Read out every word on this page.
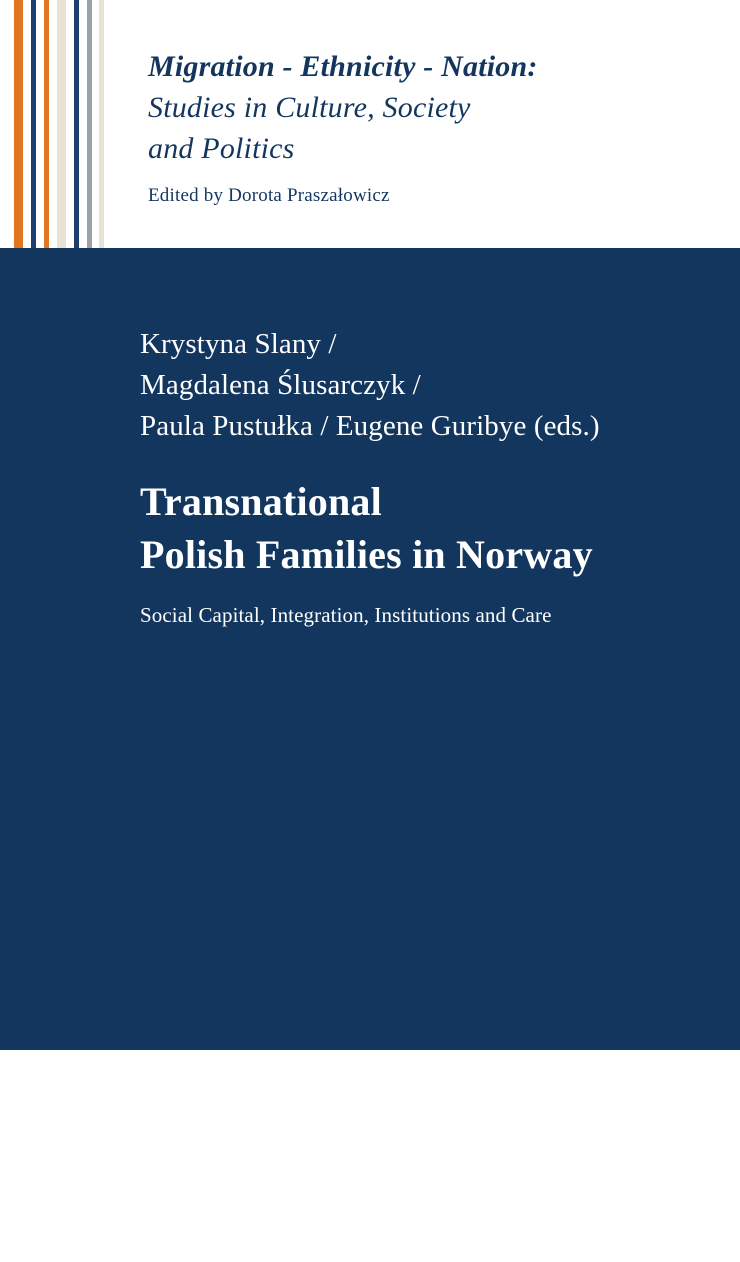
Migration - Ethnicity - Nation:
Studies in Culture, Society
and Politics
Edited by Dorota Praszałowicz
Krystyna Slany /
Magdalena Ślusarczyk /
Paula Pustułka / Eugene Guribye (eds.)
Transnational
Polish Families in Norway
Social Capital, Integration, Institutions and Care
PETER LANG
